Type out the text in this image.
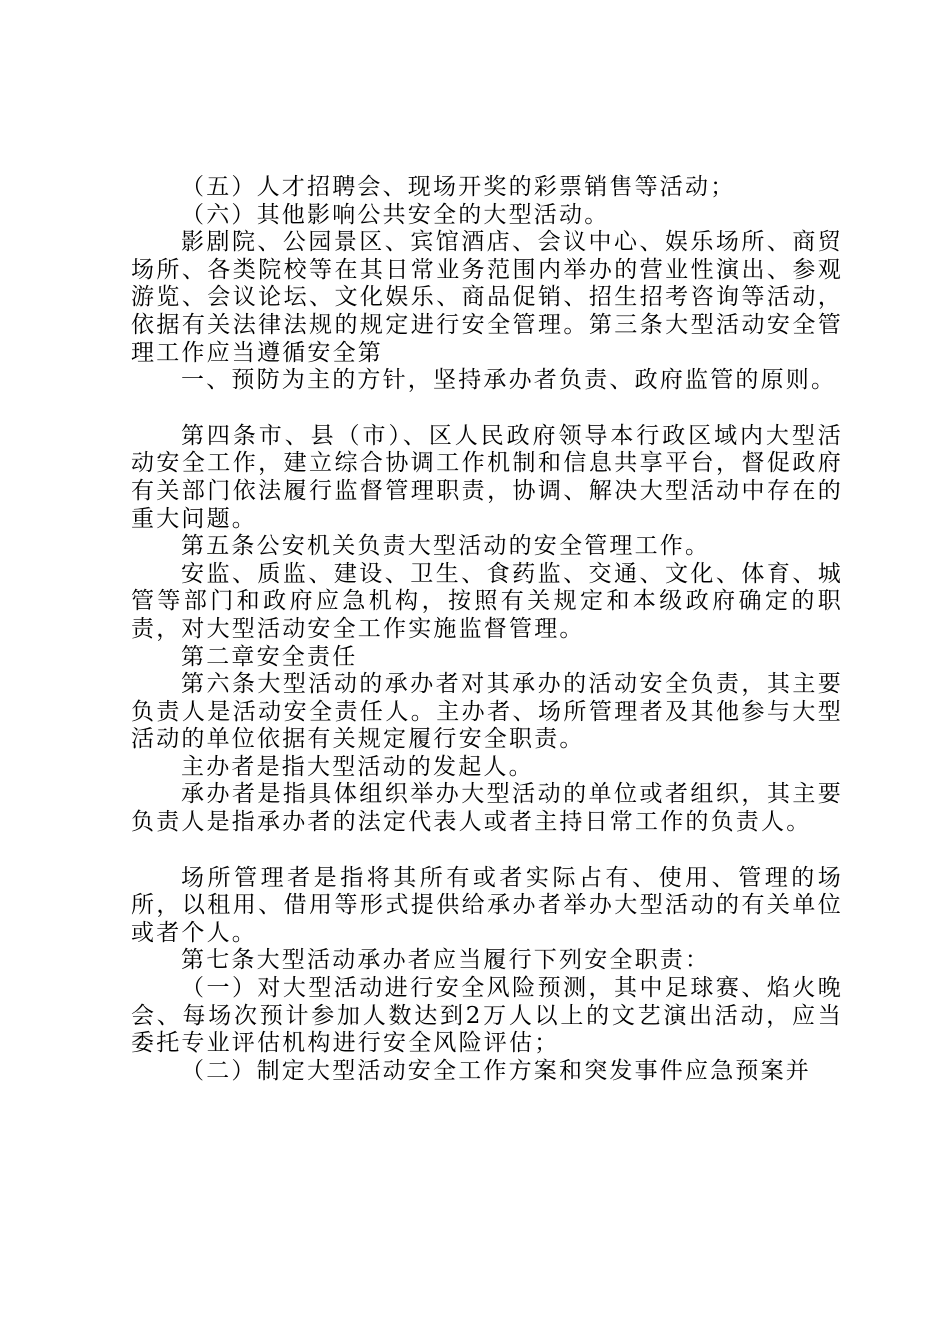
（五）人才招聘会、现场开奖的彩票销售等活动；

（六）其他影响公共安全的大型活动。

影剧院、公园景区、宾馆酒店、会议中心、娱乐场所、商贸场所、各类院校等在其日常业务范围内举办的营业性演出、参观游览、会议论坛、文化娱乐、商品促销、招生招考咨询等活动，依据有关法律法规的规定进行安全管理。第三条大型活动安全管理工作应当遵循安全第

一、预防为主的方针，坚持承办者负责、政府监管的原则。

第四条市、县（市）、区人民政府领导本行政区域内大型活动安全工作，建立综合协调工作机制和信息共享平台，督促政府有关部门依法履行监督管理职责，协调、解决大型活动中存在的重大问题。

第五条公安机关负责大型活动的安全管理工作。

安监、质监、建设、卫生、食药监、交通、文化、体育、城管等部门和政府应急机构，按照有关规定和本级政府确定的职责，对大型活动安全工作实施监督管理。

第二章安全责任

第六条大型活动的承办者对其承办的活动安全负责，其主要负责人是活动安全责任人。主办者、场所管理者及其他参与大型活动的单位依据有关规定履行安全职责。

主办者是指大型活动的发起人。

承办者是指具体组织举办大型活动的单位或者组织，其主要负责人是指承办者的法定代表人或者主持日常工作的负责人。

场所管理者是指将其所有或者实际占有、使用、管理的场所，以租用、借用等形式提供给承办者举办大型活动的有关单位或者个人。

第七条大型活动承办者应当履行下列安全职责：

（一）对大型活动进行安全风险预测，其中足球赛、焰火晚会、每场次预计参加人数达到2万人以上的文艺演出活动，应当委托专业评估机构进行安全风险评估；

（二）制定大型活动安全工作方案和突发事件应急预案并
